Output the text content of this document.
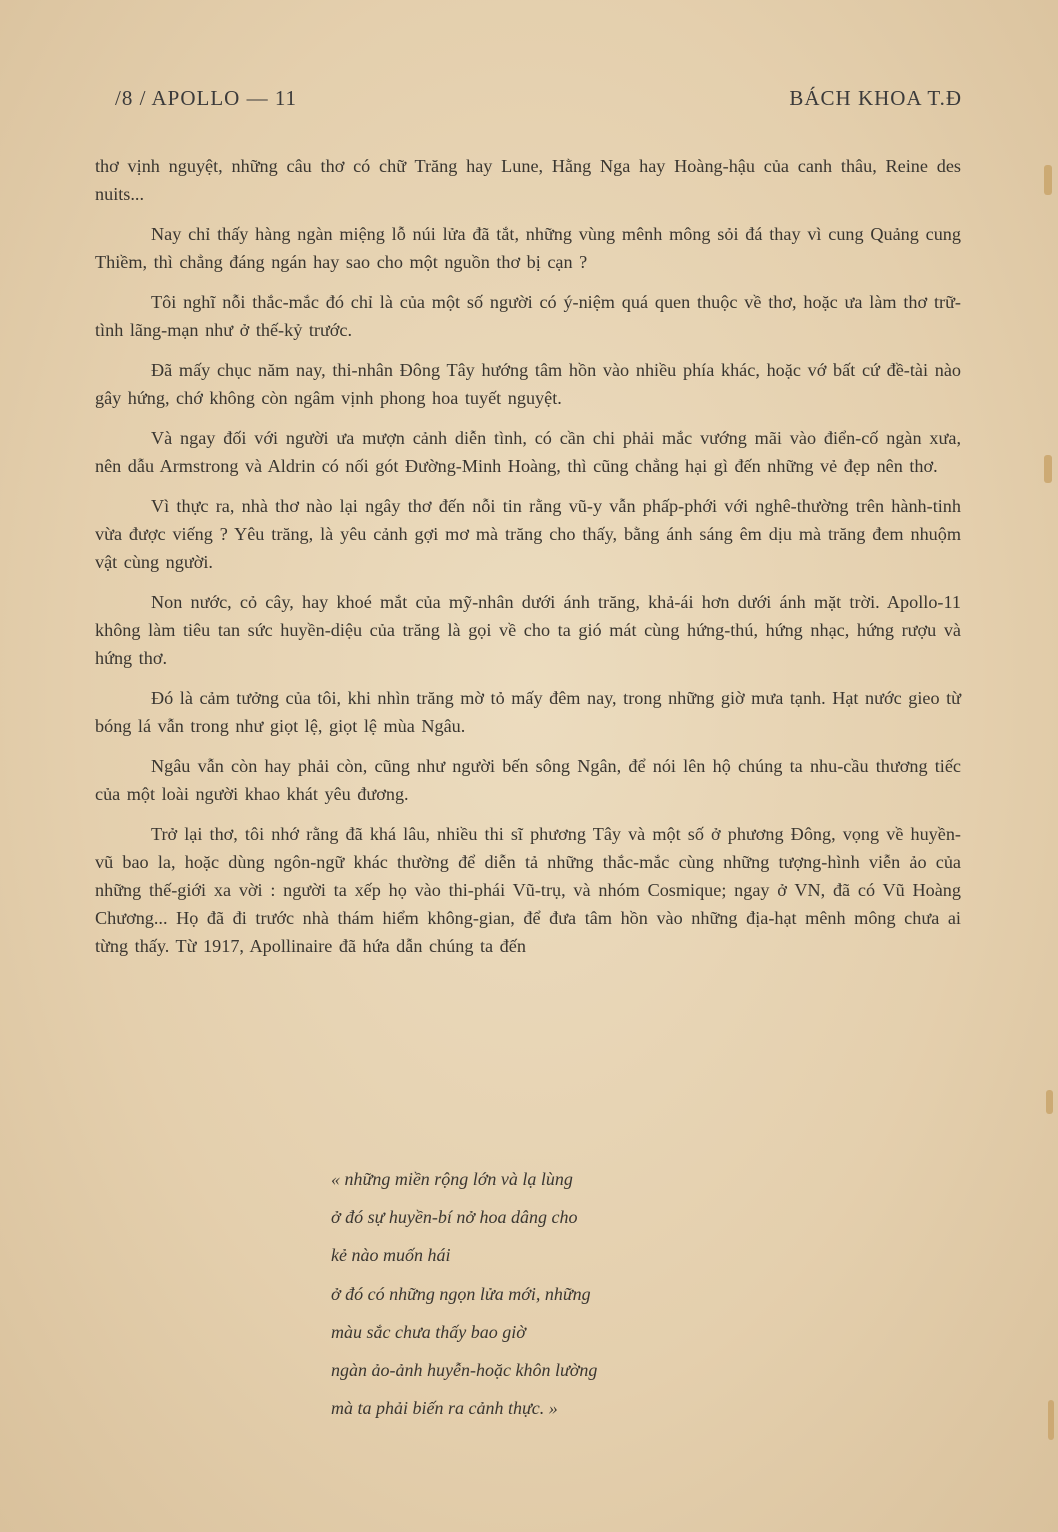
/8 / APOLLO — 11	BÁCH KHOA T.Đ

thơ vịnh nguyệt, những câu thơ có chữ Trăng hay Lune, Hằng Nga hay Hoàng-hậu của canh thâu, Reine des nuits...

Nay chỉ thấy hàng ngàn miệng lỗ núi lửa đã tắt, những vùng mênh mông sỏi đá thay vì cung Quảng cung Thiềm, thì chẳng đáng ngán hay sao cho một nguồn thơ bị cạn ?

Tôi nghĩ nỗi thắc-mắc đó chỉ là của một số người có ý-niệm quá quen thuộc về thơ, hoặc ưa làm thơ trữ-tình lãng-mạn như ở thế-kỷ trước.

Đã mấy chục năm nay, thi-nhân Đông Tây hướng tâm hồn vào nhiều phía khác, hoặc vớ bất cứ đề-tài nào gây hứng, chớ không còn ngâm vịnh phong hoa tuyết nguyệt.

Và ngay đối với người ưa mượn cảnh diễn tình, có cần chi phải mắc vướng mãi vào điển-cố ngàn xưa, nên dẫu Armstrong và Aldrin có nối gót Đường-Minh Hoàng, thì cũng chẳng hại gì đến những vẻ đẹp nên thơ.

Vì thực ra, nhà thơ nào lại ngây thơ đến nỗi tin rằng vũ-y vẫn phấp-phới với nghê-thường trên hành-tinh vừa được viếng ? Yêu trăng, là yêu cảnh gợi mơ mà trăng cho thấy, bằng ánh sáng êm dịu mà trăng đem nhuộm vật cùng người.

Non nước, cỏ cây, hay khoé mắt của mỹ-nhân dưới ánh trăng, khả-ái hơn dưới ánh mặt trời. Apollo-11 không làm tiêu tan sức huyền-diệu của trăng là gọi về cho ta gió mát cùng hứng-thú, hứng nhạc, hứng rượu và hứng thơ.

Đó là cảm tưởng của tôi, khi nhìn trăng mờ tỏ mấy đêm nay, trong những giờ mưa tạnh. Hạt nước gieo từ bóng lá vẫn trong như giọt lệ, giọt lệ mùa Ngâu.

Ngâu vẫn còn hay phải còn, cũng như người bến sông Ngân, để nói lên hộ chúng ta nhu-cầu thương tiếc của một loài người khao khát yêu đương.

Trở lại thơ, tôi nhớ rằng đã khá lâu, nhiều thi sĩ phương Tây và một số ở phương Đông, vọng về huyền-vũ bao la, hoặc dùng ngôn-ngữ khác thường để diễn tả những thắc-mắc cùng những tượng-hình viễn ảo của những thế-giới xa vời : người ta xếp họ vào thi-phái Vũ-trụ, và nhóm Cosmique; ngay ở VN, đã có Vũ Hoàng Chương... Họ đã đi trước nhà thám hiểm không-gian, để đưa tâm hồn vào những địa-hạt mênh mông chưa ai từng thấy. Từ 1917, Apollinaire đã hứa dẫn chúng ta đến

« những miền rộng lớn và lạ lùng
ở đó sự huyền-bí nở hoa dâng cho
kẻ nào muốn hái
ở đó có những ngọn lửa mới, những
màu sắc chưa thấy bao giờ
ngàn ảo-ảnh huyễn-hoặc khôn lường
mà ta phải biến ra cảnh thực. »
